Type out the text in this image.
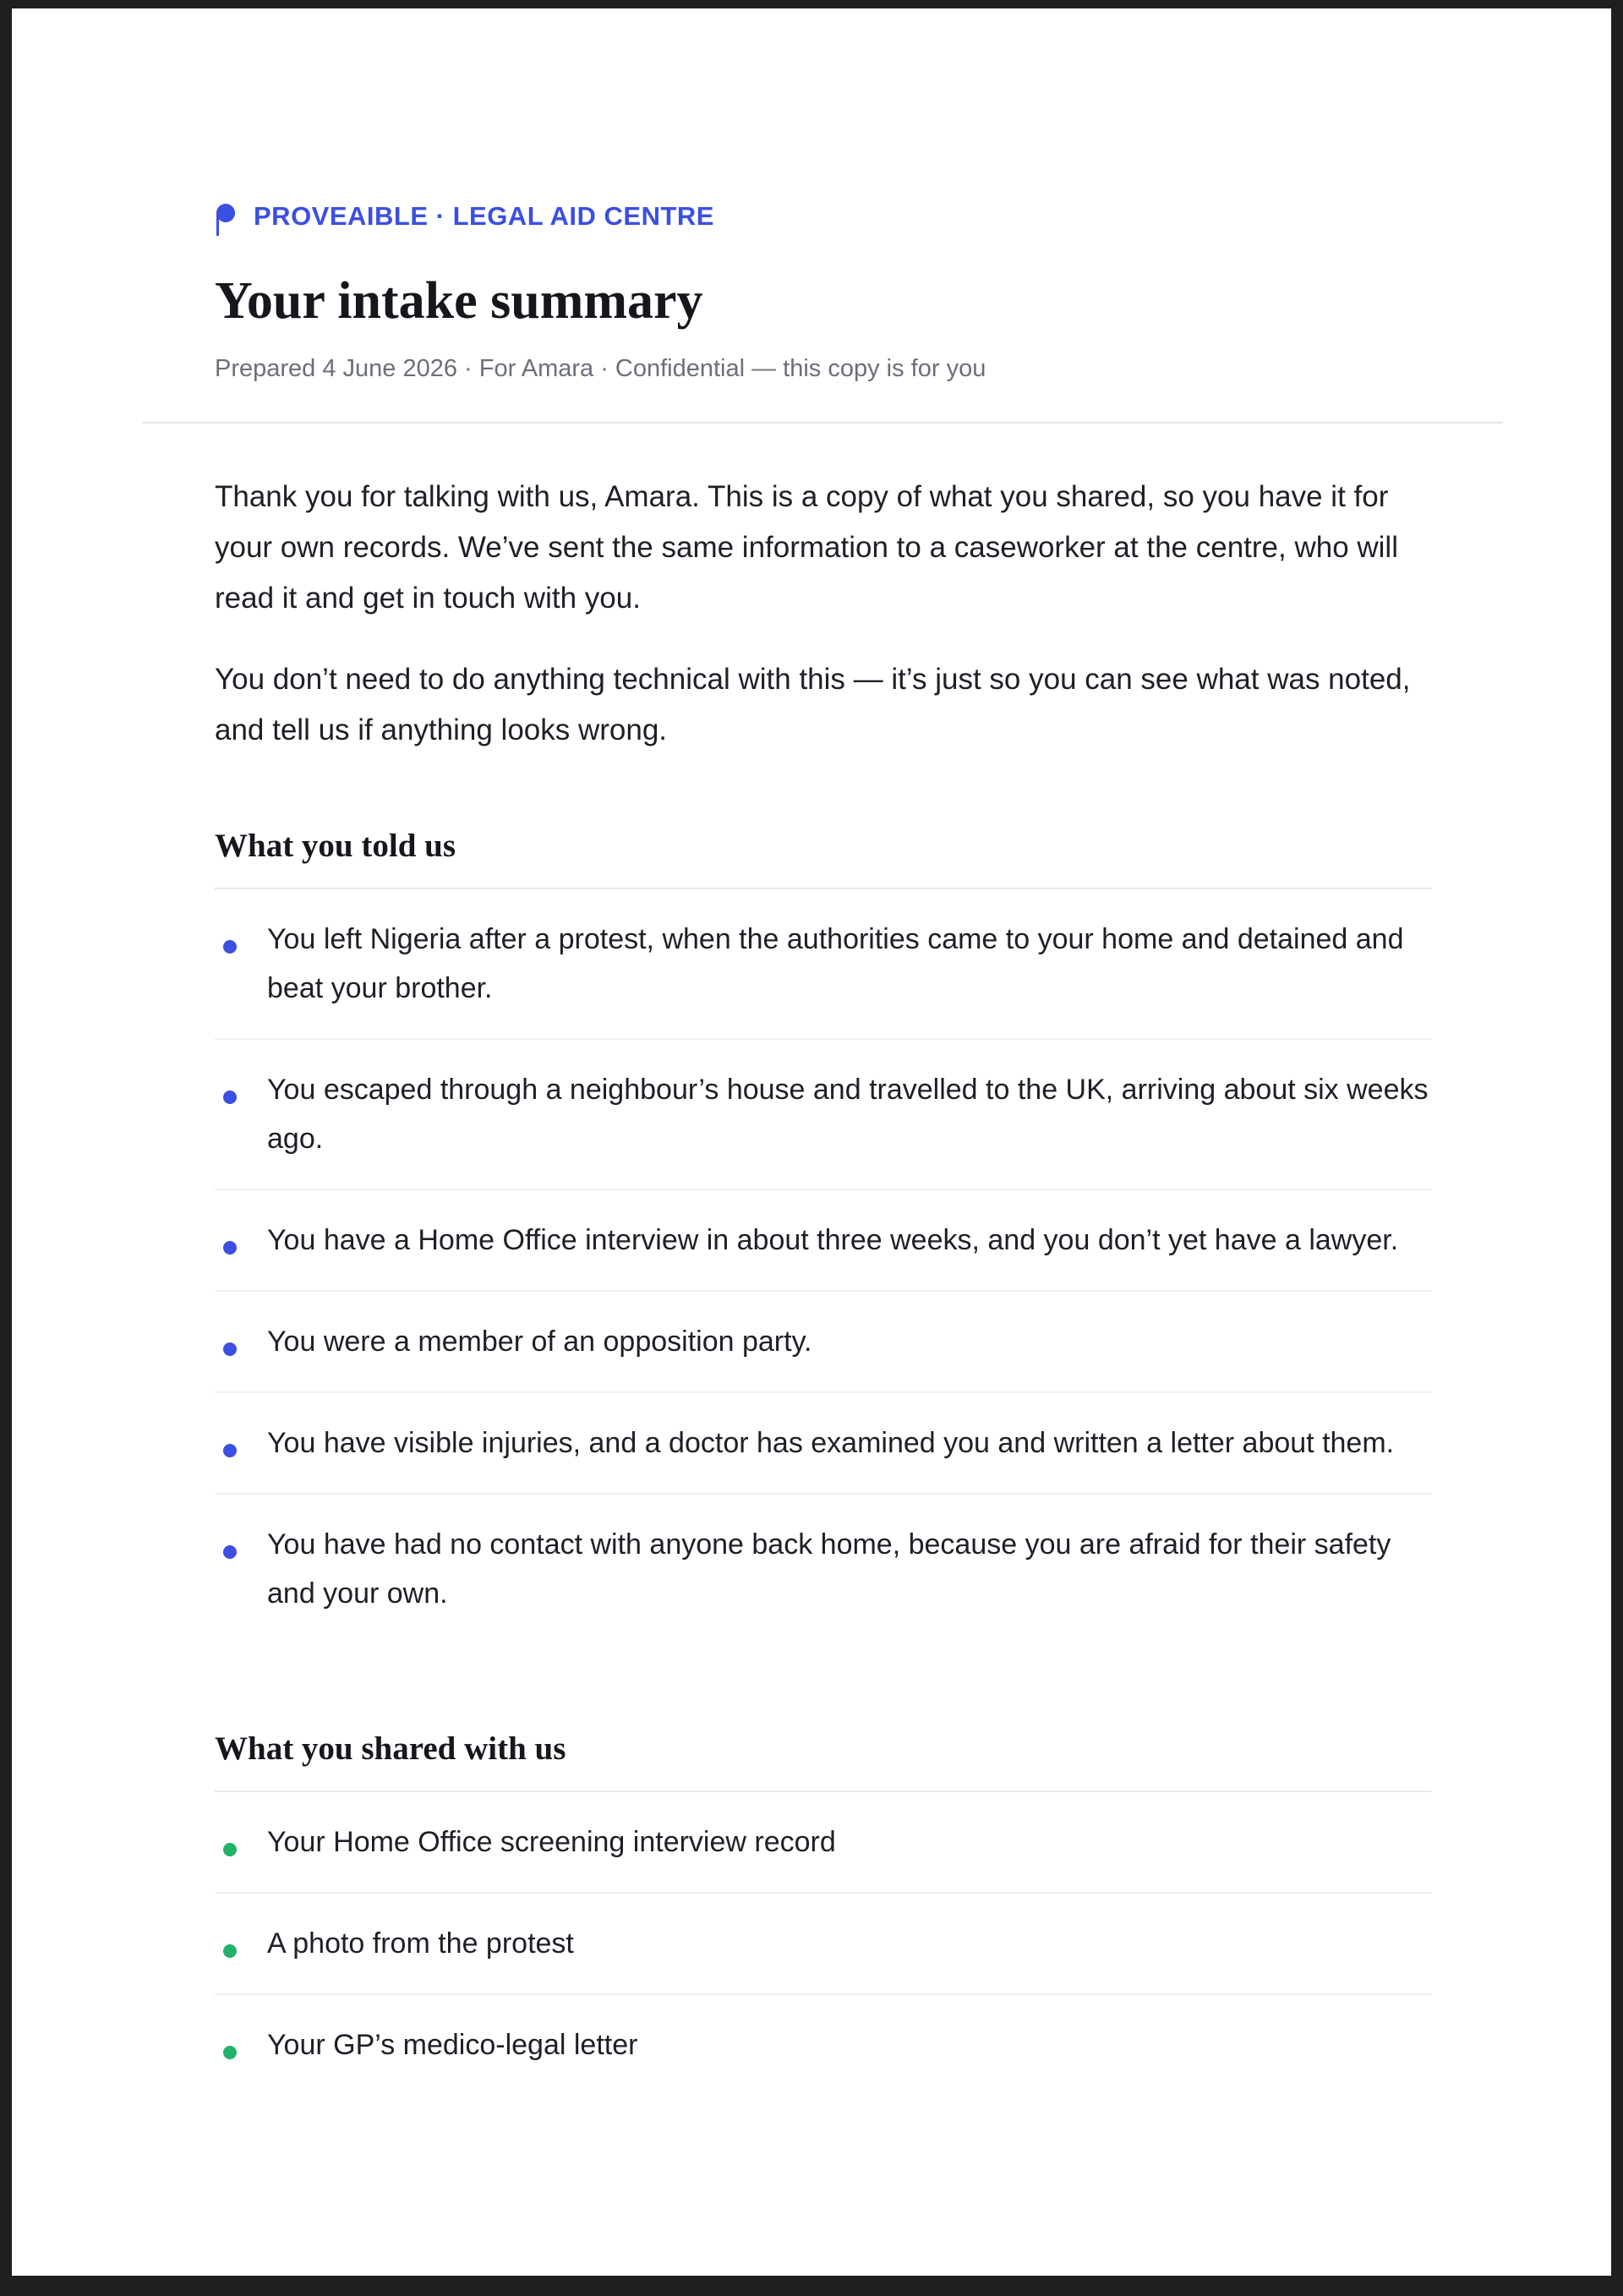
PROVEAIBLE · LEGAL AID CENTRE
Your intake summary
Prepared 4 June 2026 · For Amara · Confidential — this copy is for you

Thank you for talking with us, Amara. This is a copy of what you shared, so you have it for your own records. We’ve sent the same information to a caseworker at the centre, who will read it and get in touch with you.

You don’t need to do anything technical with this — it’s just so you can see what was noted, and tell us if anything looks wrong.

What you told us
You left Nigeria after a protest, when the authorities came to your home and detained and beat your brother.
You escaped through a neighbour’s house and travelled to the UK, arriving about six weeks ago.
You have a Home Office interview in about three weeks, and you don’t yet have a lawyer.
You were a member of an opposition party.
You have visible injuries, and a doctor has examined you and written a letter about them.
You have had no contact with anyone back home, because you are afraid for their safety and your own.
What you shared with us
Your Home Office screening interview record
A photo from the protest
Your GP’s medico-legal letter
